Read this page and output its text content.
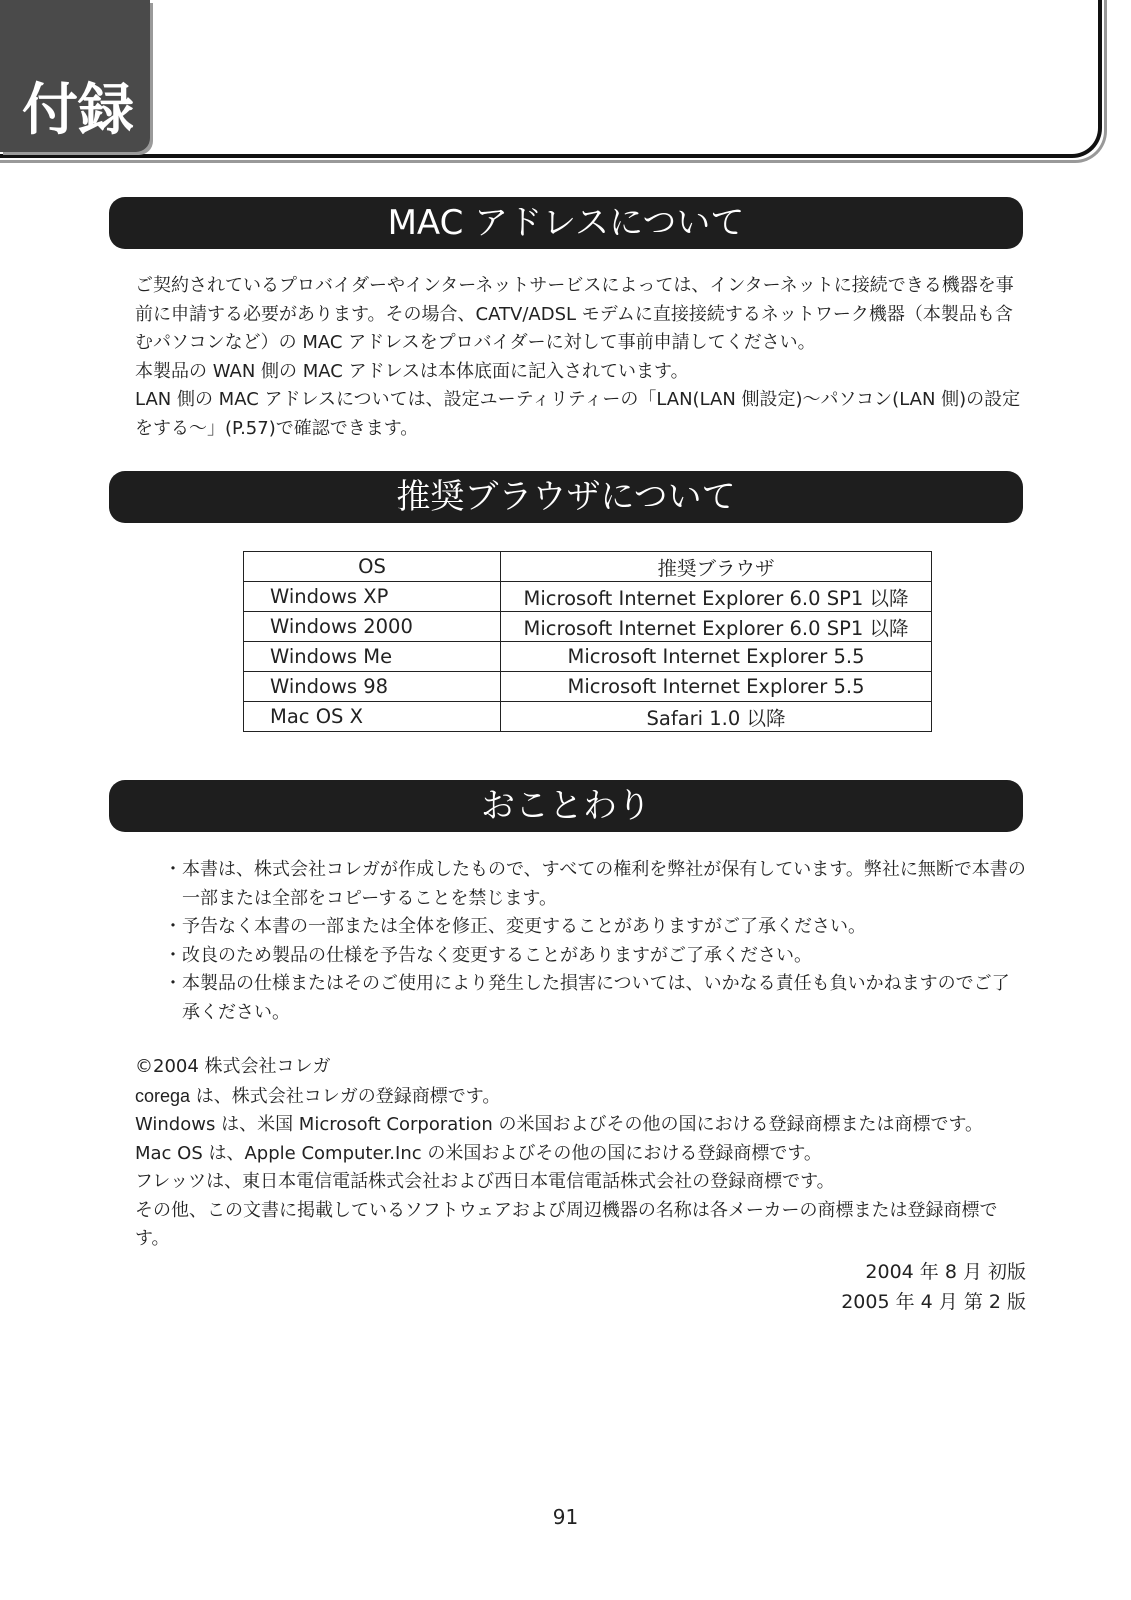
付録
MAC アドレスについて

ご契約されているプロバイダーやインターネットサービスによっては、インターネットに接続できる機器を事前に申請する必要があります。その場合、CATV/ADSL モデムに直接接続するネットワーク機器（本製品も含むパソコンなど）の MAC アドレスをプロバイダーに対して事前申請してください。

本製品の WAN 側の MAC アドレスは本体底面に記入されています。

LAN 側の MAC アドレスについては、設定ユーティリティーの「LAN(LAN 側設定)～パソコン(LAN 側)の設定をする～」(P.57)で確認できます。

推奨ブラウザについて
OS	推奨ブラウザ
Windows XP	Microsoft Internet Explorer 6.0 SP1 以降
Windows 2000	Microsoft Internet Explorer 6.0 SP1 以降
Windows Me	Microsoft Internet Explorer 5.5
Windows 98	Microsoft Internet Explorer 5.5
Mac OS X	Safari 1.0 以降
おことわり

・ 本書は、株式会社コレガが作成したもので、すべての権利を弊社が保有しています。弊社に無断で本書の一部または全部をコピーすることを禁じます。

・ 予告なく本書の一部または全体を修正、変更することがありますがご了承ください。

・ 改良のため製品の仕様を予告なく変更することがありますがご了承ください。

・ 本製品の仕様またはそのご使用により発生した損害については、いかなる責任も負いかねますのでご了承ください。

©2004 株式会社コレガ

corega は、株式会社コレガの登録商標です。

Windows は、米国 Microsoft Corporation の米国およびその他の国における登録商標または商標です。

Mac OS は、Apple Computer.Inc の米国およびその他の国における登録商標です。

フレッツは、東日本電信電話株式会社および西日本電信電話株式会社の登録商標です。

その他、この文書に掲載しているソフトウェアおよび周辺機器の名称は各メーカーの商標または登録商標です。

2004 年 8 月 初版

2005 年 4 月 第 2 版

91
